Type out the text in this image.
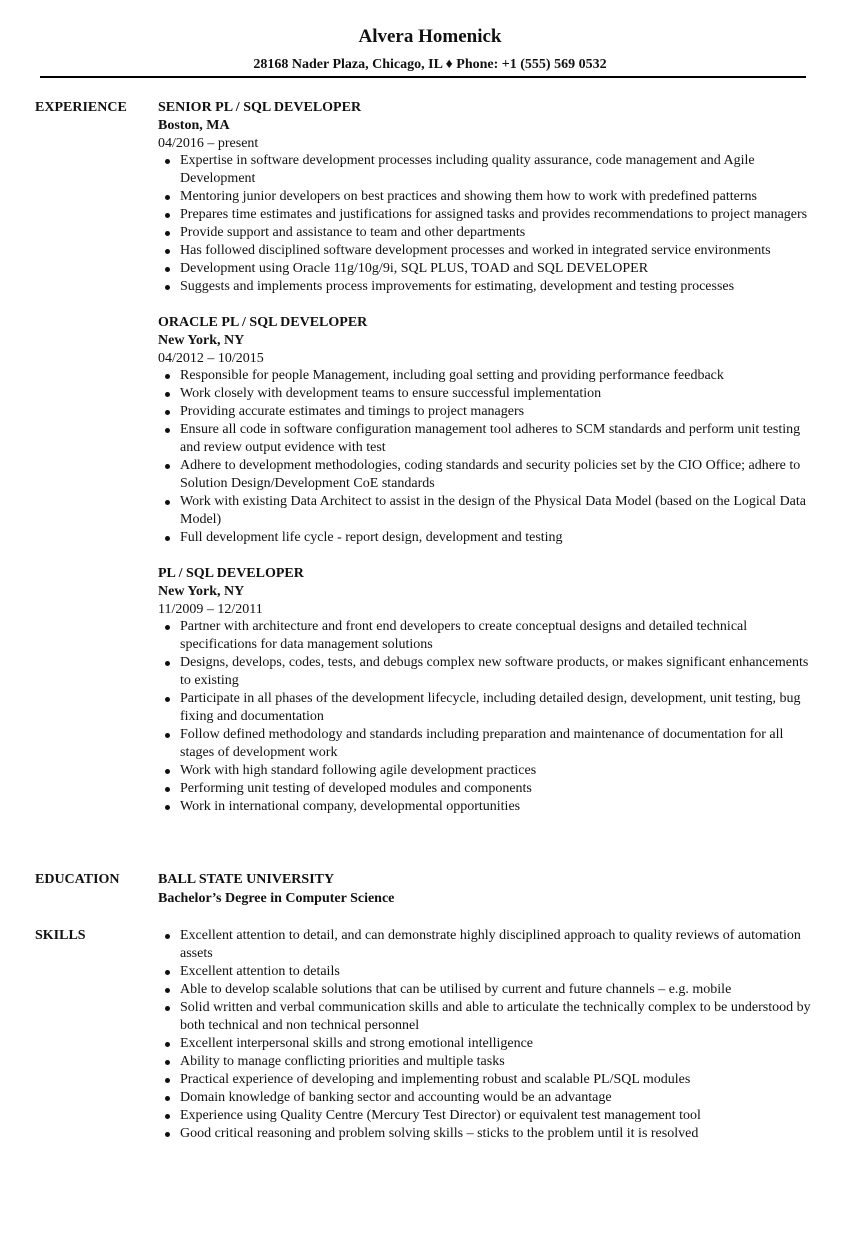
Alvera Homenick
28168 Nader Plaza, Chicago, IL ♦ Phone: +1 (555) 569 0532
EXPERIENCE SENIOR PL / SQL DEVELOPER
Boston, MA
04/2016 – present
Expertise in software development processes including quality assurance, code management and Agile Development
Mentoring junior developers on best practices and showing them how to work with predefined patterns
Prepares time estimates and justifications for assigned tasks and provides recommendations to project managers
Provide support and assistance to team and other departments
Has followed disciplined software development processes and worked in integrated service environments
Development using Oracle 11g/10g/9i, SQL PLUS, TOAD and SQL DEVELOPER
Suggests and implements process improvements for estimating, development and testing processes
ORACLE PL / SQL DEVELOPER
New York, NY
04/2012 – 10/2015
Responsible for people Management, including goal setting and providing performance feedback
Work closely with development teams to ensure successful implementation
Providing accurate estimates and timings to project managers
Ensure all code in software configuration management tool adheres to SCM standards and perform unit testing and review output evidence with test
Adhere to development methodologies, coding standards and security policies set by the CIO Office; adhere to Solution Design/Development CoE standards
Work with existing Data Architect to assist in the design of the Physical Data Model (based on the Logical Data Model)
Full development life cycle - report design, development and testing
PL / SQL DEVELOPER
New York, NY
11/2009 – 12/2011
Partner with architecture and front end developers to create conceptual designs and detailed technical specifications for data management solutions
Designs, develops, codes, tests, and debugs complex new software products, or makes significant enhancements to existing
Participate in all phases of the development lifecycle, including detailed design, development, unit testing, bug fixing and documentation
Follow defined methodology and standards including preparation and maintenance of documentation for all stages of development work
Work with high standard following agile development practices
Performing unit testing of developed modules and components
Work in international company, developmental opportunities
EDUCATION	BALL STATE UNIVERSITY
Bachelor’s Degree in Computer Science
SKILLS	Excellent attention to detail, and can demonstrate highly disciplined approach to quality reviews of automation assets
Excellent attention to details
Able to develop scalable solutions that can be utilised by current and future channels – e.g. mobile
Solid written and verbal communication skills and able to articulate the technically complex to be understood by both technical and non technical personnel
Excellent interpersonal skills and strong emotional intelligence
Ability to manage conflicting priorities and multiple tasks
Practical experience of developing and implementing robust and scalable PL/SQL modules
Domain knowledge of banking sector and accounting would be an advantage
Experience using Quality Centre (Mercury Test Director) or equivalent test management tool
Good critical reasoning and problem solving skills – sticks to the problem until it is resolved
